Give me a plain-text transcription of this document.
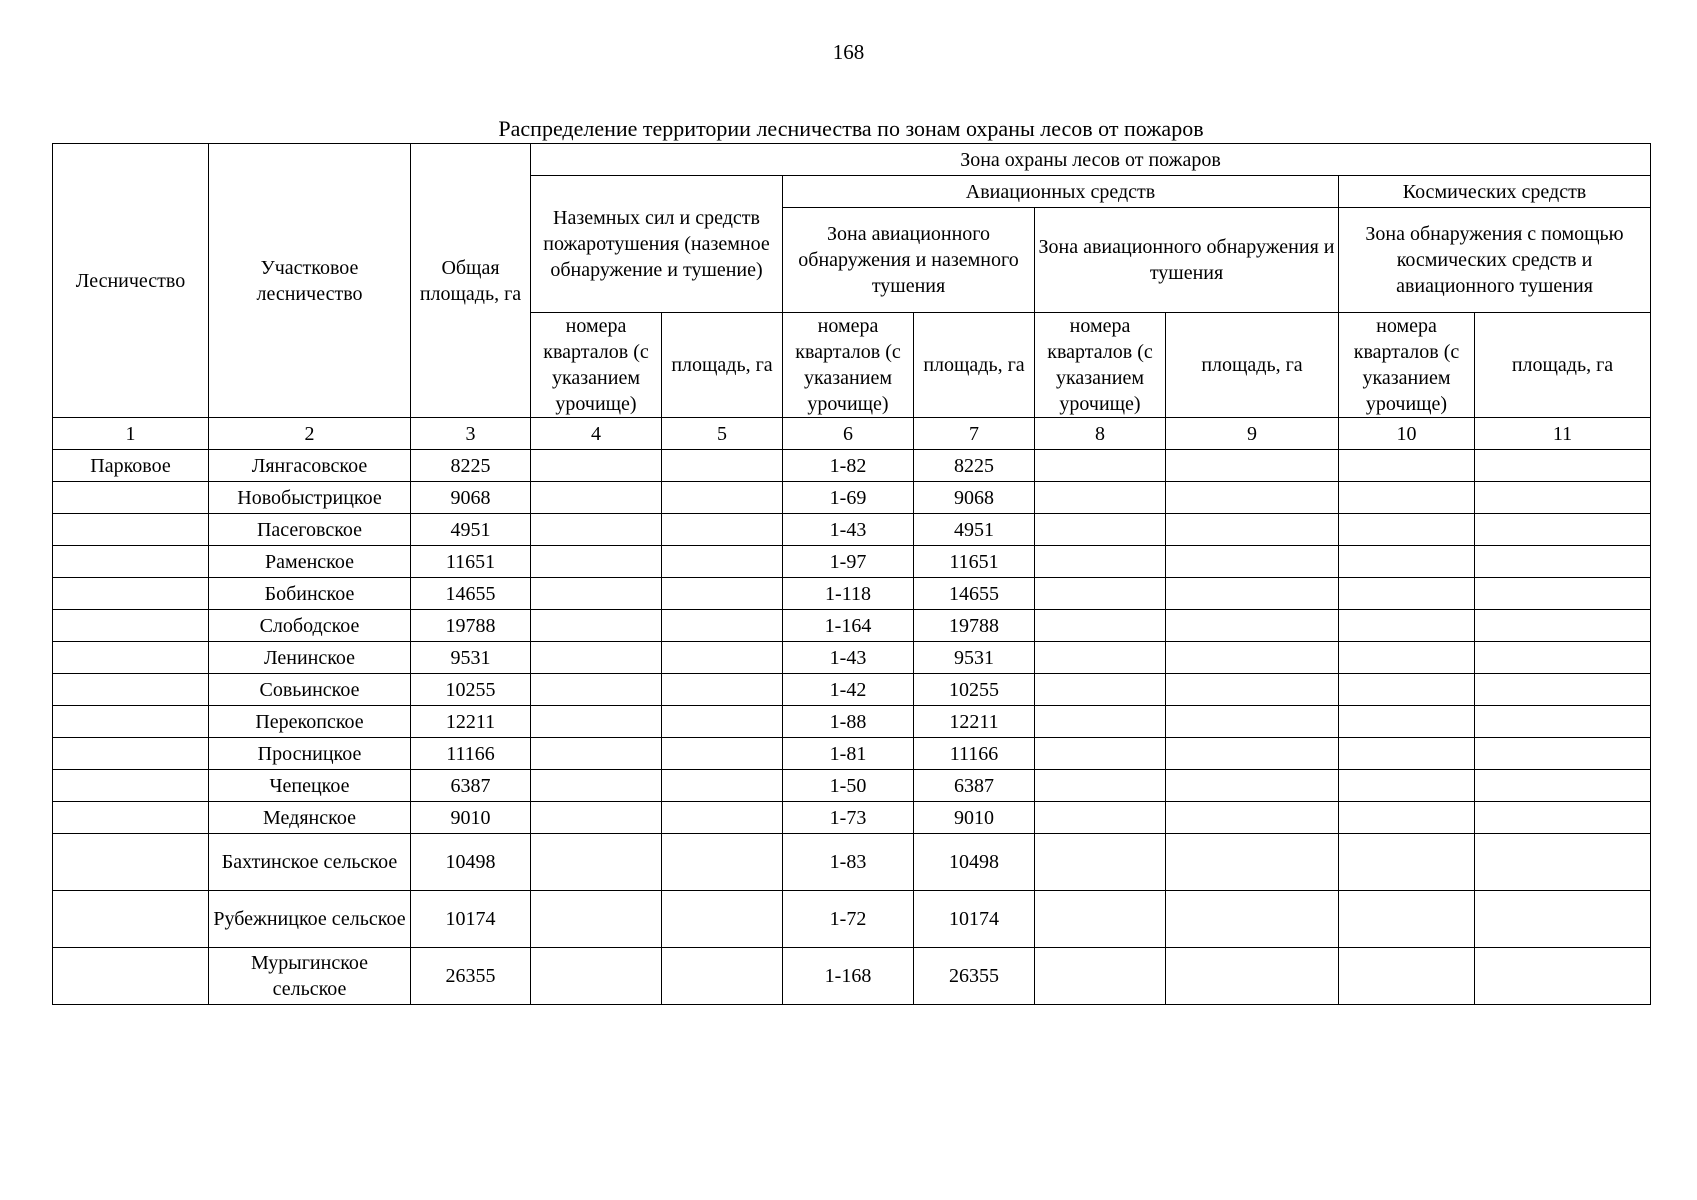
168
Распределение территории лесничества по зонам охраны лесов от пожаров
Лесничество	Участковое лесничество	Общая площадь, га	Зона охраны лесов от пожаров							
			Наземных сил и средств пожаротушения (наземное обнаружение и тушение)		Авиационных средств				Космических средств	
					Зона авиационного обнаружения и наземного тушения		Зона авиационного обнаружения и тушения		Зона обнаружения с помощью космических средств и авиационного тушения	
			номера кварталов (с указанием урочище)	площадь, га	номера кварталов (с указанием урочище)	площадь, га	номера кварталов (с указанием урочище)	площадь, га	номера кварталов (с указанием урочище)	площадь, га
1	2	3	4	5	6	7	8	9	10	11
Парковое	Лянгасовское	8225			1-82	8225				
	Новобыстрицкое	9068			1-69	9068				
	Пасеговское	4951			1-43	4951				
	Раменское	11651			1-97	11651				
	Бобинское	14655			1-118	14655				
	Слободское	19788			1-164	19788				
	Ленинское	9531			1-43	9531				
	Совьинское	10255			1-42	10255				
	Перекопское	12211			1-88	12211				
	Просницкое	11166			1-81	11166				
	Чепецкое	6387			1-50	6387				
	Медянское	9010			1-73	9010				
	Бахтинское сельское	10498			1-83	10498				
	Рубежницкое сельское	10174			1-72	10174				
	Мурыгинское сельское	26355			1-168	26355				
